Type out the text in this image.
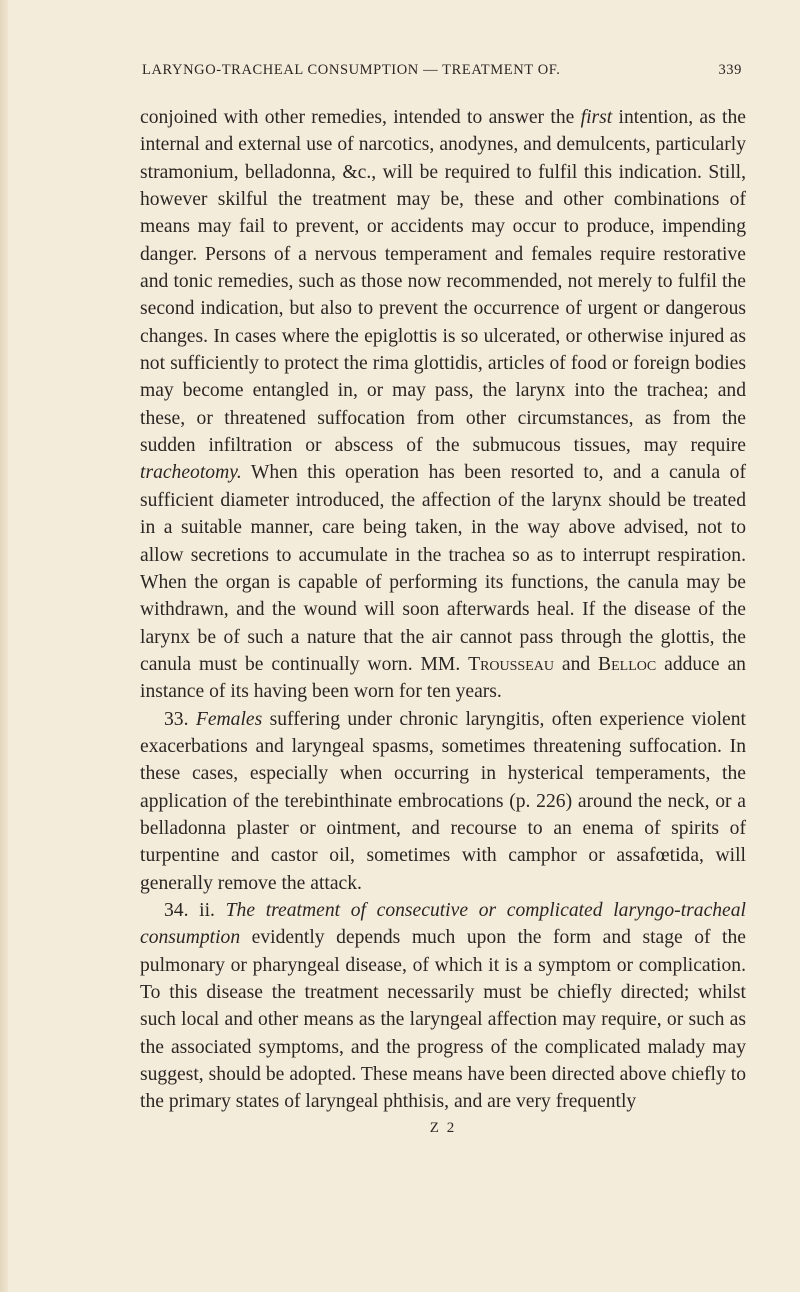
LARYNGO-TRACHEAL CONSUMPTION — TREATMENT OF.	339

conjoined with other remedies, intended to answer the first intention, as the internal and external use of narcotics, anodynes, and demulcents, particularly stramonium, belladonna, &c., will be required to fulfil this indication. Still, however skilful the treatment may be, these and other combinations of means may fail to prevent, or accidents may occur to produce, impending danger. Persons of a nervous temperament and females require restorative and tonic remedies, such as those now recommended, not merely to fulfil the second indication, but also to prevent the occurrence of urgent or dangerous changes. In cases where the epiglottis is so ulcerated, or otherwise injured as not sufficiently to protect the rima glottidis, articles of food or foreign bodies may become entangled in, or may pass, the larynx into the trachea; and these, or threatened suffocation from other circumstances, as from the sudden infiltration or abscess of the submucous tissues, may require tracheotomy. When this operation has been resorted to, and a canula of sufficient diameter introduced, the affection of the larynx should be treated in a suitable manner, care being taken, in the way above advised, not to allow secretions to accumulate in the trachea so as to interrupt respiration. When the organ is capable of performing its functions, the canula may be withdrawn, and the wound will soon afterwards heal. If the disease of the larynx be of such a nature that the air cannot pass through the glottis, the canula must be continually worn. MM. Trousseau and Belloc adduce an instance of its having been worn for ten years.

33. Females suffering under chronic laryngitis, often experience violent exacerbations and laryngeal spasms, sometimes threatening suffocation. In these cases, especially when occurring in hysterical temperaments, the application of the terebinthinate embrocations (p. 226) around the neck, or a belladonna plaster or ointment, and recourse to an enema of spirits of turpentine and castor oil, sometimes with camphor or assafœtida, will generally remove the attack.

34. ii. The treatment of consecutive or complicated laryngo-tracheal consumption evidently depends much upon the form and stage of the pulmonary or pharyngeal disease, of which it is a symptom or complication. To this disease the treatment necessarily must be chiefly directed; whilst such local and other means as the laryngeal affection may require, or such as the associated symptoms, and the progress of the complicated malady may suggest, should be adopted. These means have been directed above chiefly to the primary states of laryngeal phthisis, and are very frequently

Z 2
